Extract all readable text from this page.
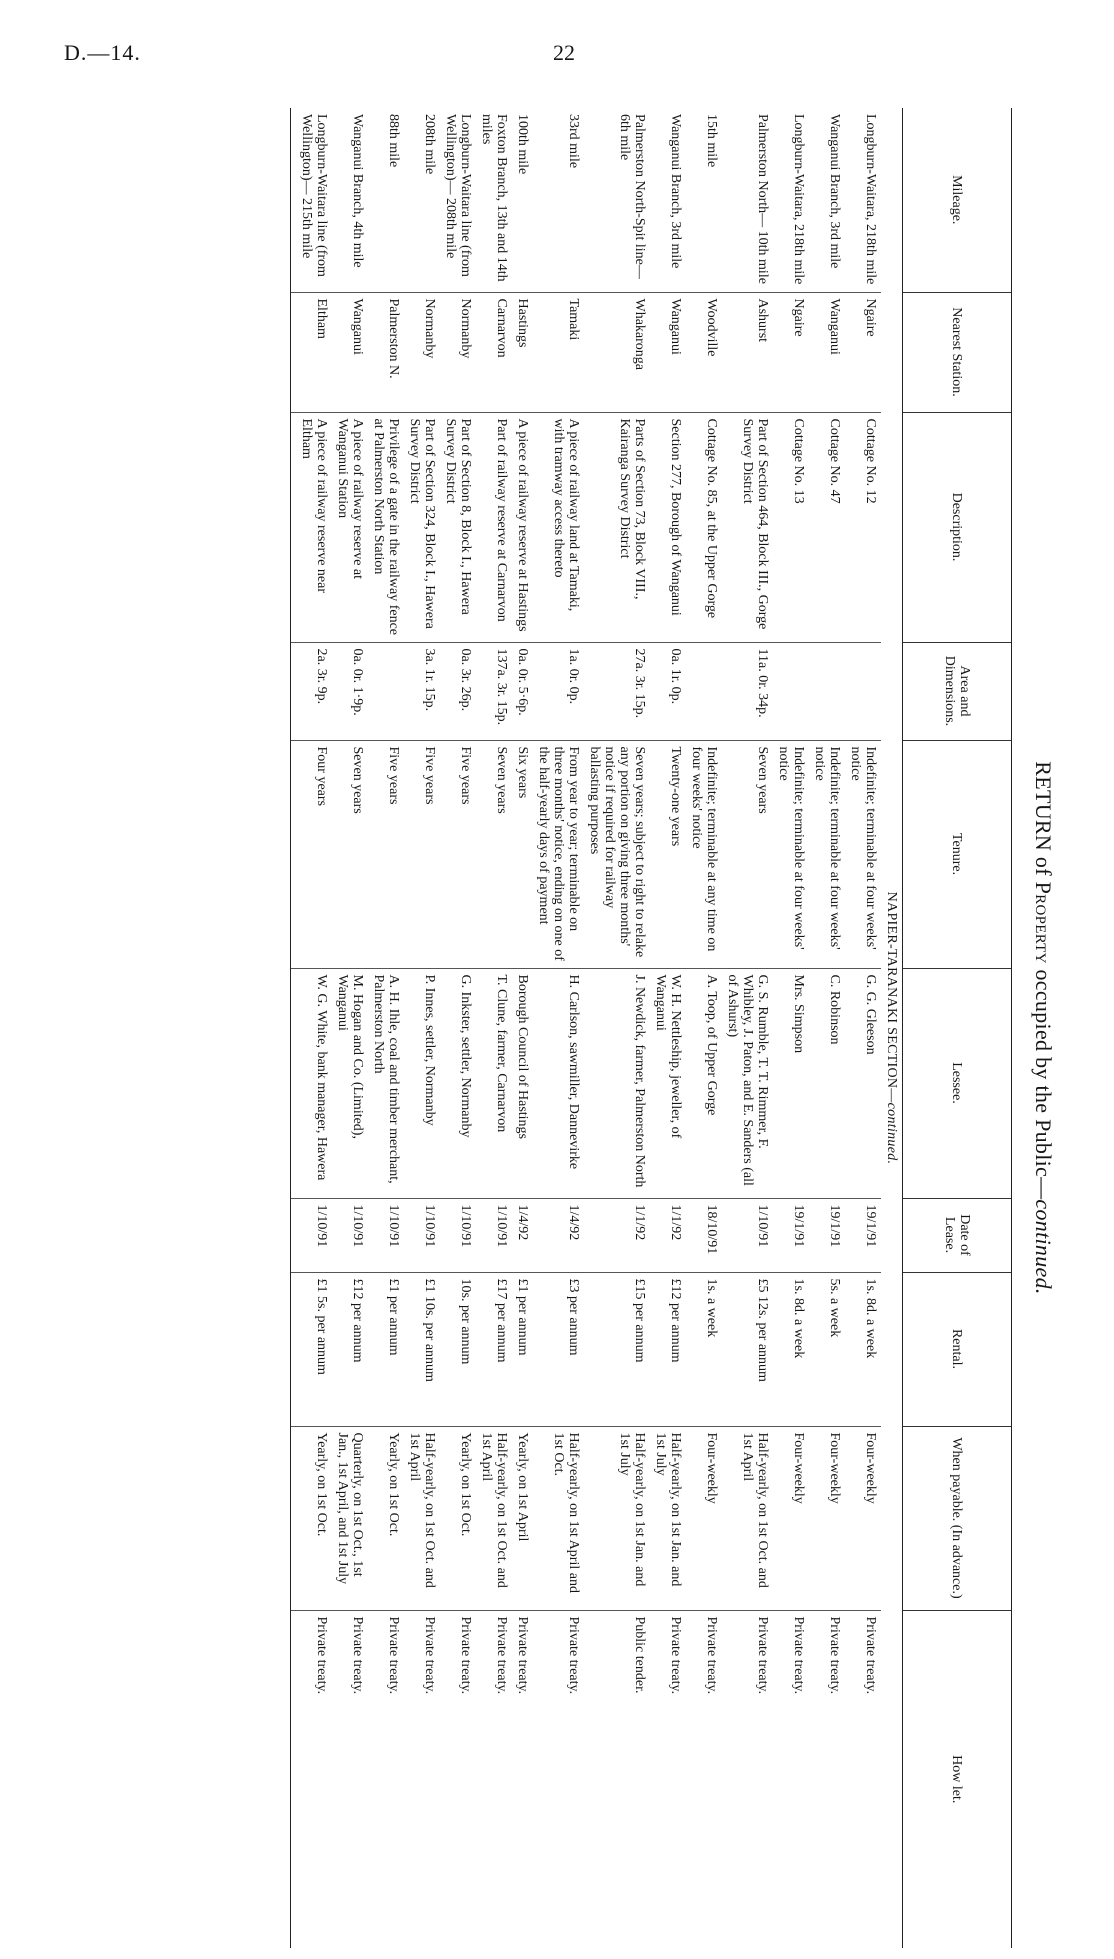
D.—14.	22
RETURN of Property occupied by the Public—continued.
Mileage.	Nearest Station.	Description.	Area and Dimensions.	Tenure.	Lessee.	Date of Lease.	Rental.	When payable. (In advance.)	How let.
NAPIER-TARANAKI SECTION—continued.									
Longburn-Waitara, 218th mile	Ngaire	Cottage No. 12		Indefinite; terminable at four weeks' notice	G. G. Gleeson	19/1/91	1s. 8d. a week	Four-weekly	Private treaty.
Wanganui Branch, 3rd mile	Wanganui	Cottage No. 47		Indefinite; terminable at four weeks' notice	C. Robinson	19/1/91	5s. a week	Four-weekly	Private treaty.
Longburn-Waitara, 218th mile	Ngaire	Cottage No. 13		Indefinite; terminable at four weeks' notice	Mrs. Simpson	19/1/91	1s. 8d. a week	Four-weekly	Private treaty.
Palmerston North— 10th mile	Ashurst	Part of Section 464, Block III., Gorge Survey District	11a. 0r. 34p.	Seven years	G. S. Rumble, T. T. Rimmer, F. Whibley, J. Paton, and E. Sanders (all of Ashurst)	1/10/91	£5 12s. per annum	Half-yearly, on 1st Oct. and 1st April	Private treaty.
15th mile	Woodville	Cottage No. 85, at the Upper Gorge		Indefinite; terminable at any time on four weeks' notice	A. Toop, of Upper Gorge	18/10/91	1s. a week	Four-weekly	Private treaty.
Wanganui Branch, 3rd mile	Wanganui	Section 277, Borough of Wanganui	0a. 1r. 0p.	Twenty-one years	W. H. Nettleship, jeweller, of Wanganui	1/1/92	£12 per annum	Half-yearly, on 1st Jan. and 1st July	Private treaty.
Palmerston North-Spit line— 6th mile	Whakaronga	Parts of Section 73, Block VIII., Kairanga Survey District	27a. 3r. 15p.	Seven years; subject to right to relake any portion on giving three months' notice if required for railway ballasting purposes	J. Newdick, farmer, Palmerston North	1/1/92	£15 per annum	Half-yearly, on 1st Jan. and 1st July	Public tender.
33rd mile	Tamaki	A piece of railway land at Tamaki, with tramway access thereto	1a. 0r. 0p.	From year to year; terminable on three months' notice, ending on one of the half-yearly days of payment	H. Carlson, sawmiller, Dannevirke	1/4/92	£3 per annum	Half-yearly, on 1st April and 1st Oct.	Private treaty.
100th mile	Hastings	A piece of railway reserve at Hastings	0a. 0r. 5·6p.	Six years	Borough Council of Hastings	1/4/92	£1 per annum	Yearly, on 1st April	Private treaty.
Foxton Branch, 13th and 14th miles	Carnarvon	Part of railway reserve at Carnarvon	137a. 3r. 15p.	Seven years	T. Clune, farmer, Carnarvon	1/10/91	£17 per annum	Half-yearly, on 1st Oct. and 1st April	Private treaty.
Longburn-Waitara line (from Wellington)— 208th mile	Normanby	Part of Section 8, Block I., Hawera Survey District	0a. 3r. 26p.	Five years	G. Inkster, settler, Normanby	1/10/91	10s. per annum	Yearly, on 1st Oct.	Private treaty.
208th mile	Normanby	Part of Section 324, Block I., Hawera Survey District	3a. 1r. 15p.	Five years	P. Innes, settler, Normanby	1/10/91	£1 10s. per annum	Half-yearly, on 1st Oct. and 1st April	Private treaty.
88th mile	Palmerston N.	Privilege of a gate in the railway fence at Palmerston North Station		Five years	A. H. Ihle, coal and timber merchant, Palmerston North	1/10/91	£1 per annum	Yearly, on 1st Oct.	Private treaty.
Wanganui Branch, 4th mile	Wanganui	A piece of railway reserve at Wanganui Station	0a. 0r. 1·9p.	Seven years	M. Hogan and Co. (Limited), Wanganui	1/10/91	£12 per annum	Quarterly, on 1st Oct., 1st Jan., 1st April, and 1st July	Private treaty.
Longburn-Waitara line (from Wellington)— 215th mile	Eltham	A piece of railway reserve near Eltham	2a. 3r. 9p.	Four years	W. G. White, bank manager, Hawera	1/10/91	£1 5s. per annum	Yearly, on 1st Oct.	Private treaty.
